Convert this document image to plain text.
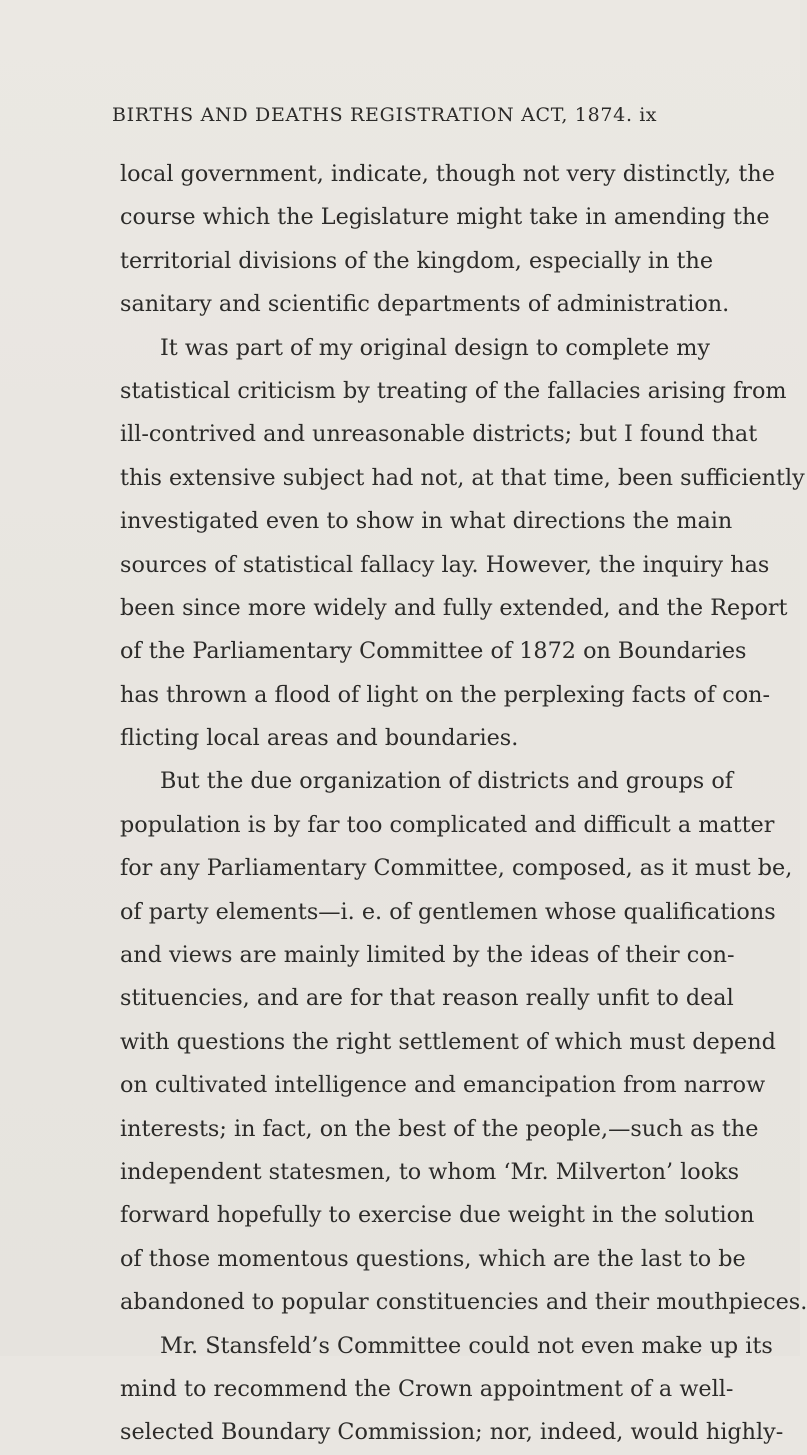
BIRTHS AND DEATHS REGISTRATION ACT, 1874. ix
local government, indicate, though not very distinctly, the
course which the Legislature might take in amending the
territorial divisions of the kingdom, especially in the
sanitary and scientific departments of administration.
It was part of my original design to complete my
statistical criticism by treating of the fallacies arising from
ill-contrived and unreasonable districts; but I found that
this extensive subject had not, at that time, been sufficiently
investigated even to show in what directions the main
sources of statistical fallacy lay. However, the inquiry has
been since more widely and fully extended, and the Report
of the Parliamentary Committee of 1872 on Boundaries
has thrown a flood of light on the perplexing facts of con-
flicting local areas and boundaries.
But the due organization of districts and groups of
population is by far too complicated and difficult a matter
for any Parliamentary Committee, composed, as it must be,
of party elements—i. e. of gentlemen whose qualifications
and views are mainly limited by the ideas of their con-
stituencies, and are for that reason really unfit to deal
with questions the right settlement of which must depend
on cultivated intelligence and emancipation from narrow
interests; in fact, on the best of the people,—such as the
independent statesmen, to whom ‘Mr. Milverton’ looks
forward hopefully to exercise due weight in the solution
of those momentous questions, which are the last to be
abandoned to popular constituencies and their mouthpieces.
Mr. Stansfeld’s Committee could not even make up its
mind to recommend the Crown appointment of a well-
selected Boundary Commission; nor, indeed, would highly-
